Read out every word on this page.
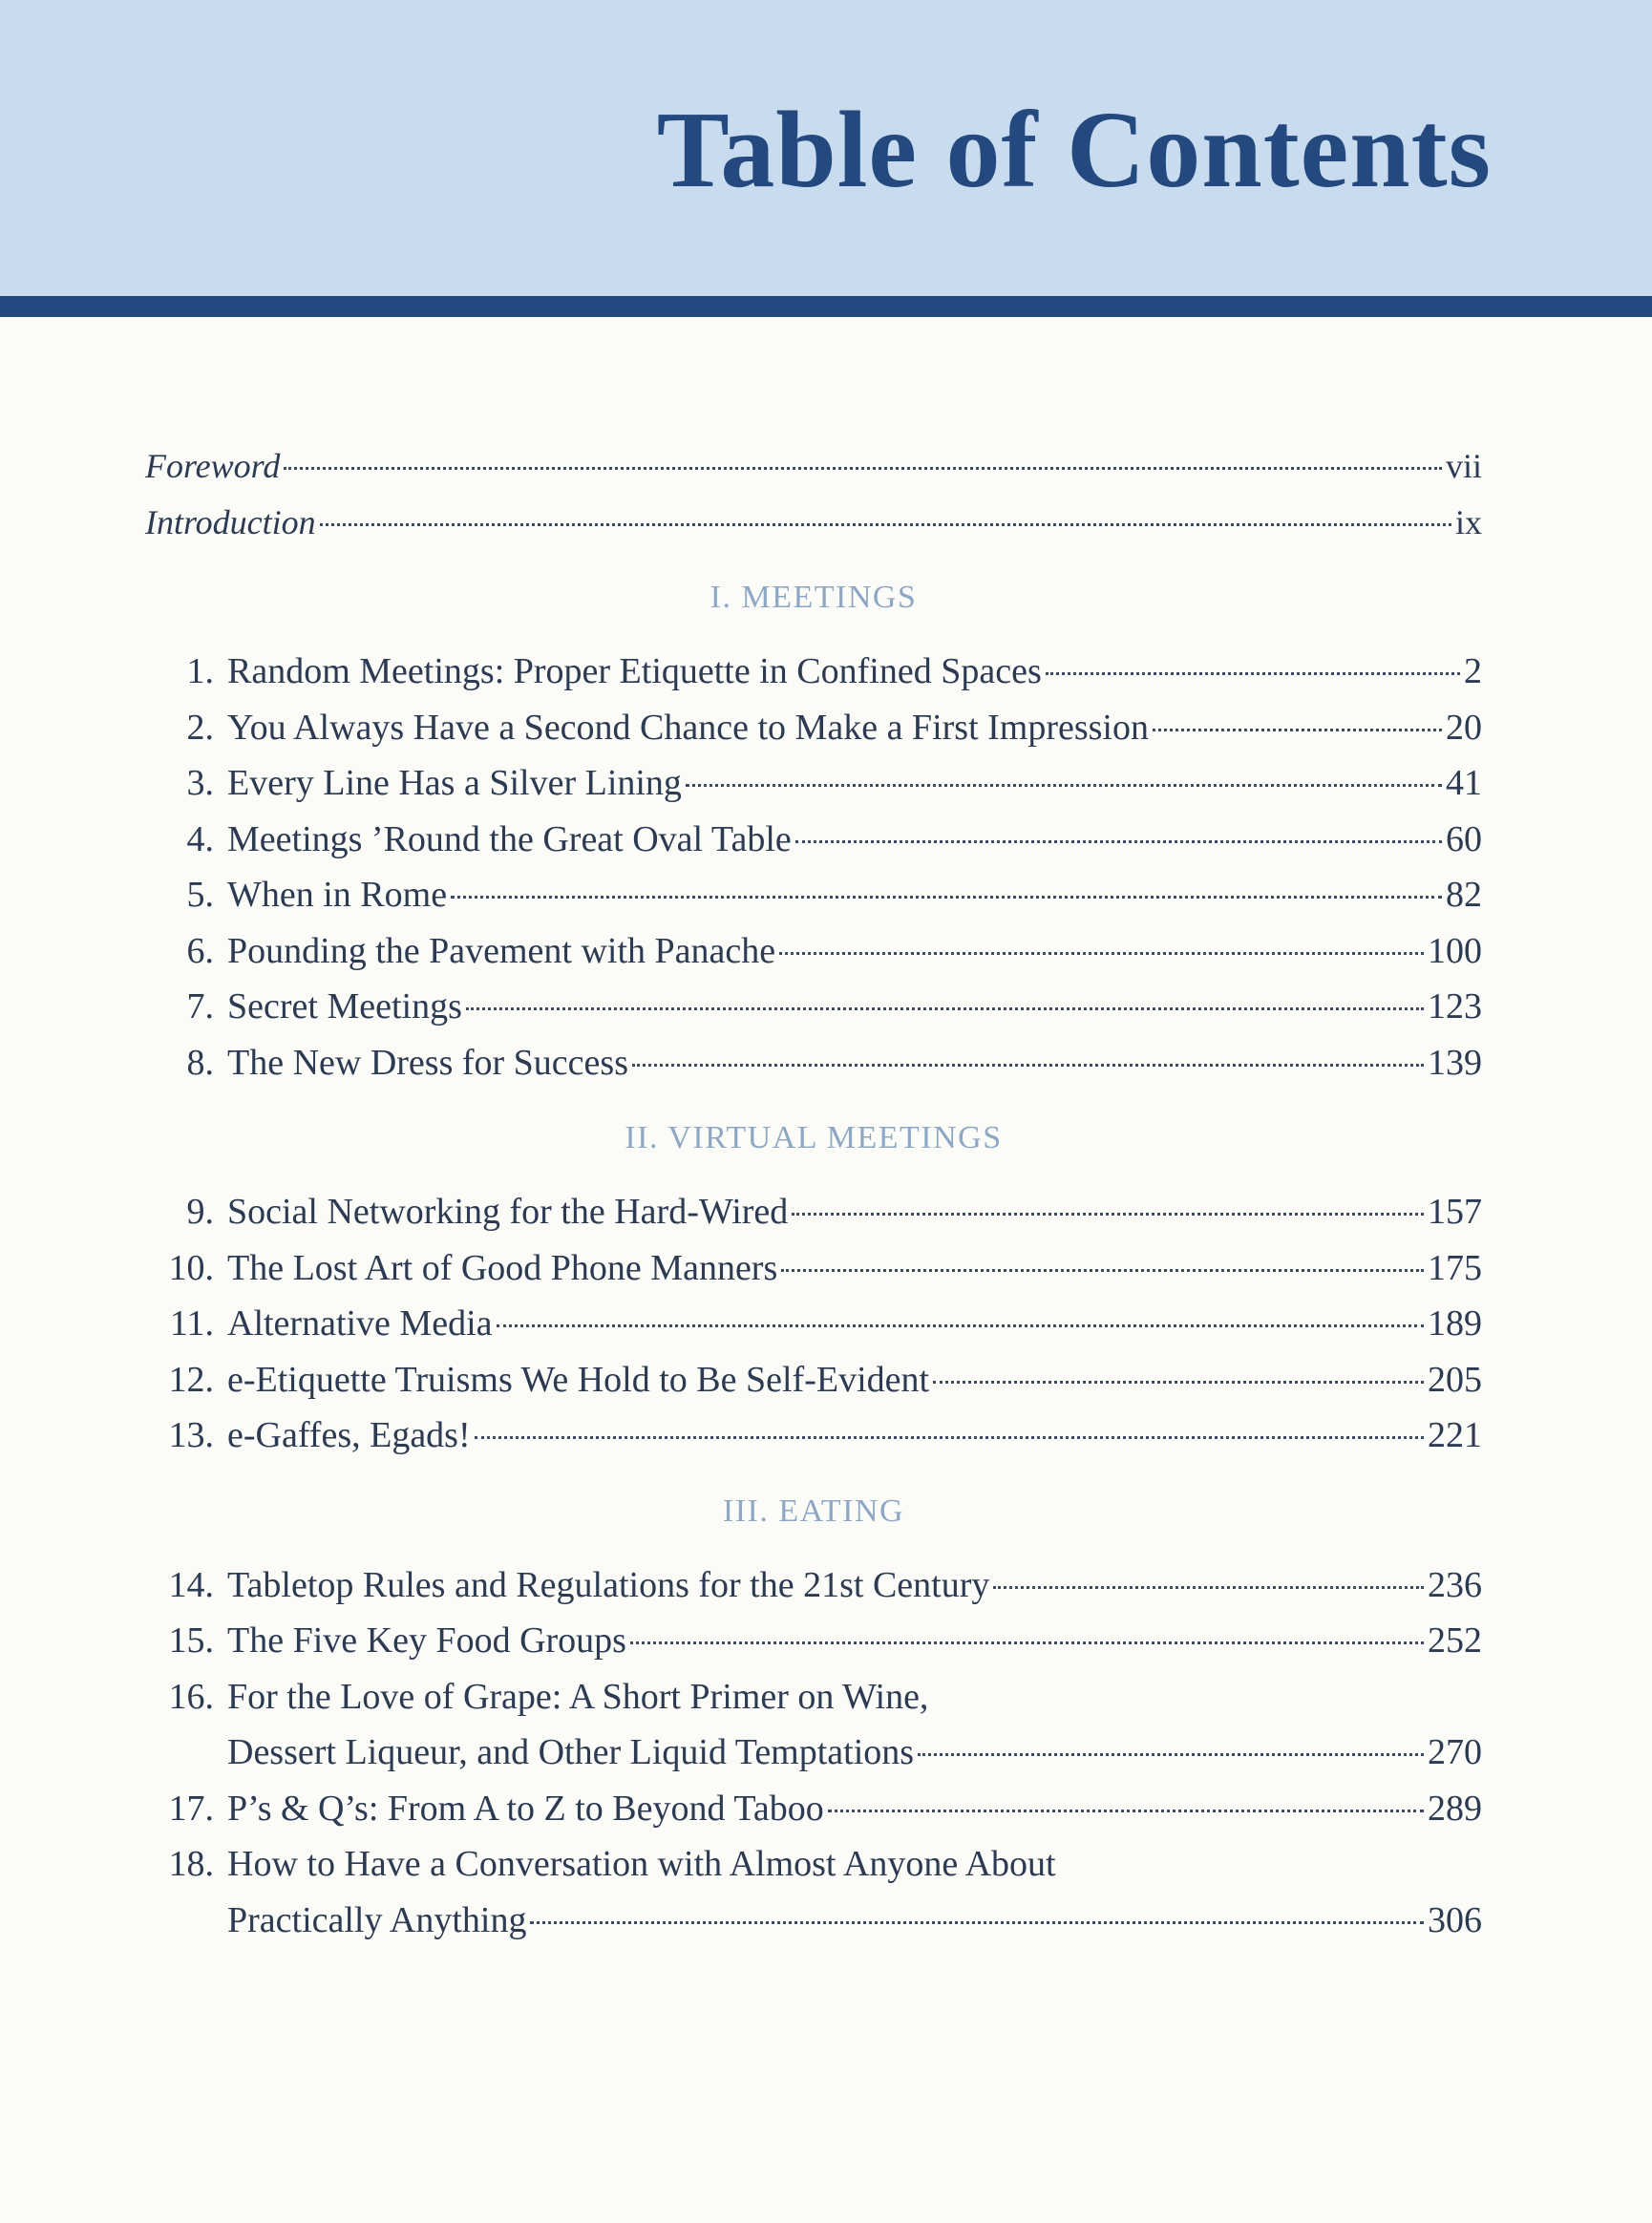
Table of Contents
Foreword	vii
Introduction	ix
I. MEETINGS
1. Random Meetings: Proper Etiquette in Confined Spaces	2
2. You Always Have a Second Chance to Make a First Impression	20
3. Every Line Has a Silver Lining	41
4. Meetings ’Round the Great Oval Table	60
5. When in Rome	82
6. Pounding the Pavement with Panache	100
7. Secret Meetings	123
8. The New Dress for Success	139
II. VIRTUAL MEETINGS
9. Social Networking for the Hard-Wired	157
10. The Lost Art of Good Phone Manners	175
11. Alternative Media	189
12. e-Etiquette Truisms We Hold to Be Self-Evident	205
13. e-Gaffes, Egads!	221
III. EATING
14. Tabletop Rules and Regulations for the 21st Century	236
15. The Five Key Food Groups	252
16. For the Love of Grape: A Short Primer on Wine,
Dessert Liqueur, and Other Liquid Temptations	270
17. P’s & Q’s: From A to Z to Beyond Taboo	289
18. How to Have a Conversation with Almost Anyone About
Practically Anything	306
